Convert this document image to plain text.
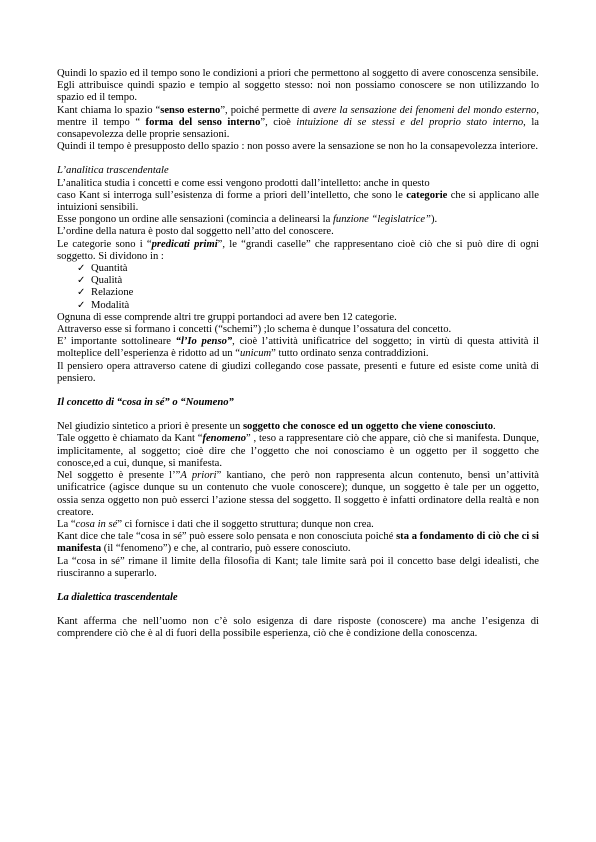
Quindi lo spazio ed il tempo sono le condizioni a priori che permettono al soggetto di avere conoscenza sensibile.

Egli attribuisce quindi spazio e tempio al soggetto stesso: noi non possiamo conoscere se non utilizzando lo spazio ed il tempo.

Kant chiama lo spazio “senso esterno”, poiché permette di avere la sensazione dei fenomeni del mondo esterno, mentre il tempo “ forma del senso interno”, cioè intuizione di se stessi e del proprio stato interno, la consapevolezza delle proprie sensazioni.

Quindi il tempo è presupposto dello spazio : non posso avere la sensazione se non ho la consapevolezza interiore.

L’analitica trascendentale

L’analitica studia i concetti e come essi vengono prodotti dall’intelletto: anche in questo

caso Kant si interroga sull’esistenza di forme a priori dell’intelletto, che sono le categorie che si applicano alle intuizioni sensibili.

Esse pongono un ordine alle sensazioni (comincia a delinearsi la funzione “legislatrice”).

L’ordine della natura è posto dal soggetto nell’atto del conoscere.

Le categorie sono i “predicati primi”, le “grandi caselle” che rappresentano cioè ciò che si può dire di ogni soggetto. Si dividono in :

✓ Quantità
✓ Qualità
✓ Relazione
✓ Modalità

Ognuna di esse comprende altri tre gruppi portandoci ad avere ben 12 categorie.

Attraverso esse si formano i concetti (“schemi”) ;lo schema è dunque l’ossatura del concetto.

E’ importante sottolineare “l’Io penso”, cioè l’attività unificatrice del soggetto; in virtù di questa attività il molteplice dell’esperienza è ridotto ad un “unicum” tutto ordinato senza contraddizioni.

Il pensiero opera attraverso catene di giudizi collegando cose passate, presenti e future ed esiste come unità di pensiero.

Il concetto di “cosa in sé” o “Noumeno”

Nel giudizio sintetico a priori è presente un soggetto che conosce ed un oggetto che viene conosciuto.

Tale oggetto è chiamato da Kant “fenomeno” , teso a rappresentare ciò che appare, ciò che si manifesta. Dunque, implicitamente, al soggetto; cioè dire che l’oggetto che noi conosciamo è un oggetto per il soggetto che conosce,ed a cui, dunque, si manifesta.

Nel soggetto è presente l’”A priori” kantiano, che però non rappresenta alcun contenuto, bensì un’attività unificatrice (agisce dunque su un contenuto che vuole conoscere); dunque, un soggetto è tale per un oggetto, ossia senza oggetto non può esserci l’azione stessa del soggetto. Il soggetto è infatti ordinatore della realtà e non creatore.

La “cosa in sé” ci fornisce i dati che il soggetto struttura; dunque non crea.

Kant dice che tale “cosa in sé” può essere solo pensata e non conosciuta poiché sta a fondamento di ciò che ci si manifesta (il “fenomeno”) e che, al contrario, può essere conosciuto.

La “cosa in sé” rimane il limite della filosofia di Kant; tale limite sarà poi il concetto base delgi idealisti, che riusciranno a superarlo.

La dialettica trascendentale

Kant afferma che nell’uomo non c’è solo esigenza di dare risposte (conoscere) ma anche l’esigenza di comprendere ciò che è al di fuori della possibile esperienza, ciò che è condizione della conoscenza.
